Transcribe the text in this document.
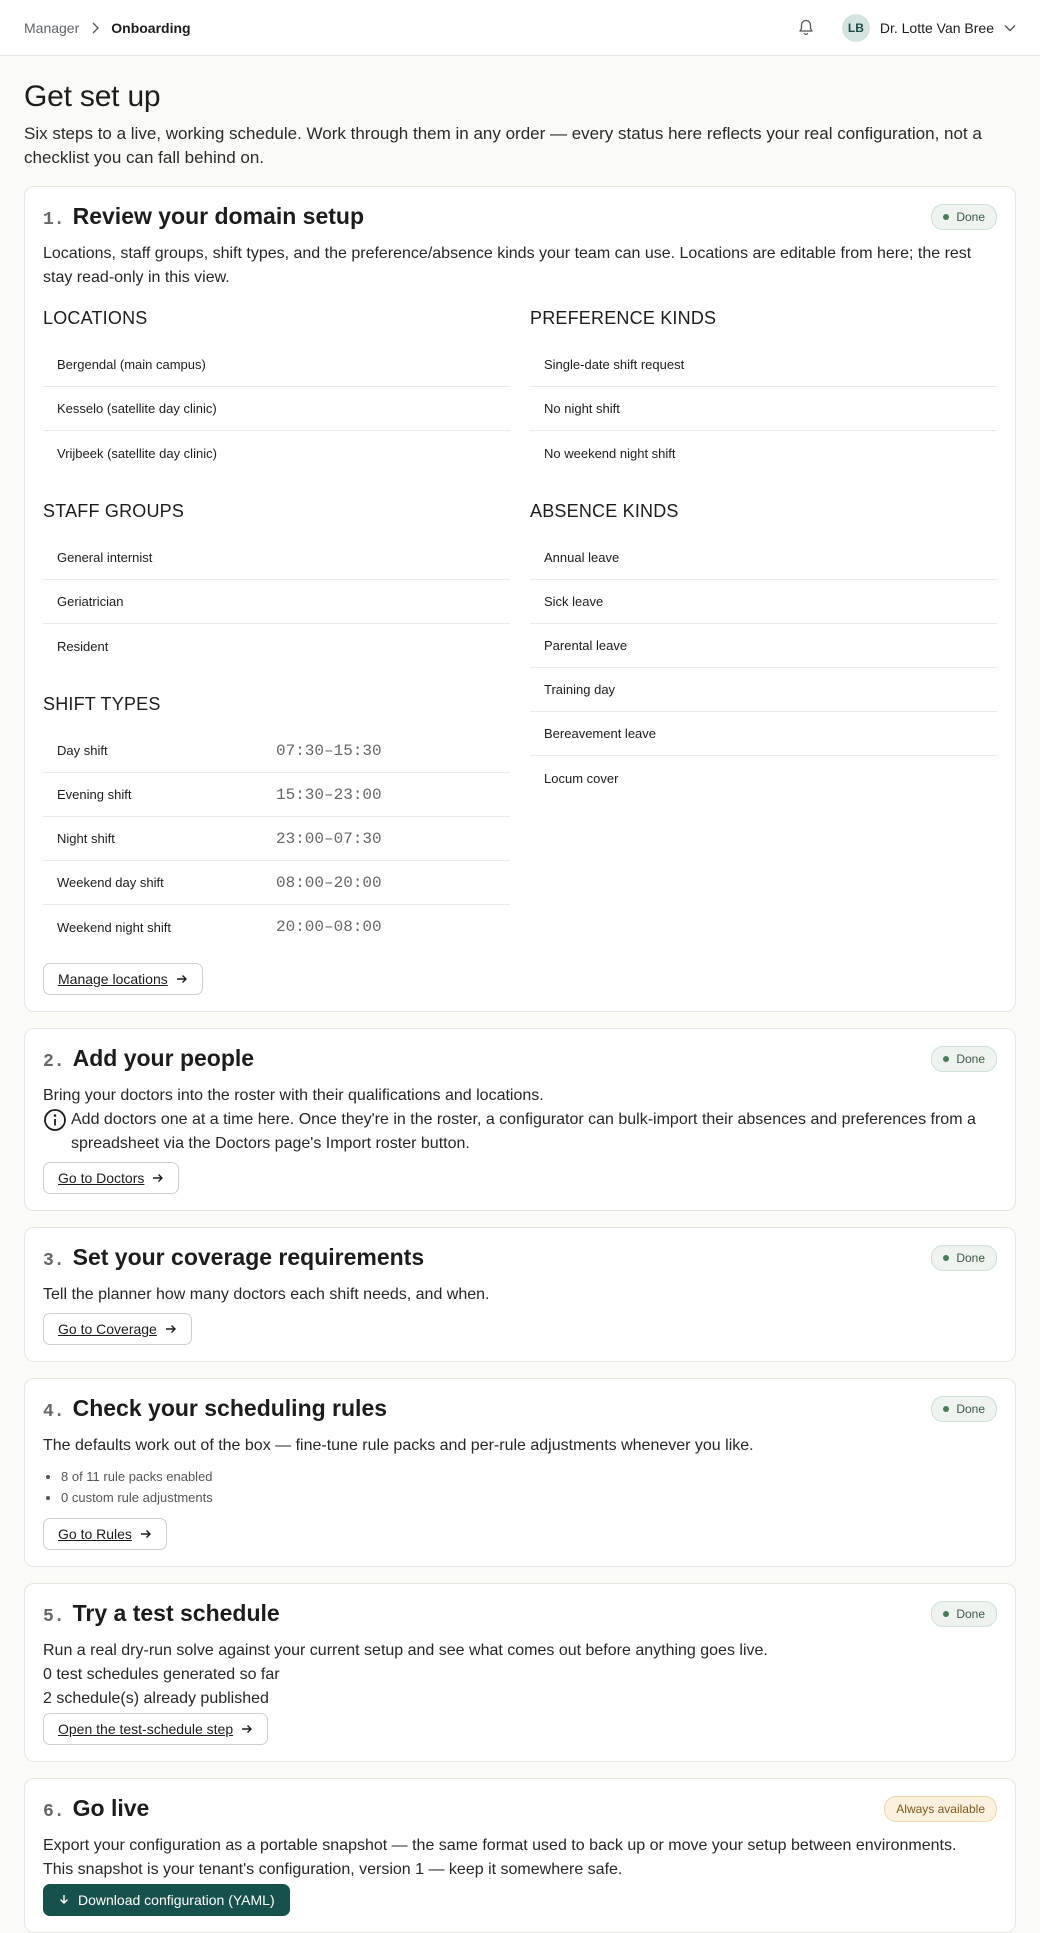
Manager Onboarding	LB	Dr. Lotte Van Bree
Get set up

Six steps to a live, working schedule. Work through them in any order — every status here reflects your real configuration, not a checklist you can fall behind on.

1. Review your domain setup	Done

Locations, staff groups, shift types, and the preference/absence kinds your team can use. Locations are editable from here; the rest stay read-only in this view.

LOCATIONS
Bergendal (main campus)
Kesselo (satellite day clinic)
Vrijbeek (satellite day clinic)
STAFF GROUPS
General internist
Geriatrician
Resident
SHIFT TYPES
Day shift	07:30–15:30
Evening shift	15:30–23:00
Night shift	23:00–07:30
Weekend day shift	08:00–20:00
Weekend night shift	20:00–08:00
PREFERENCE KINDS
Single-date shift request
No night shift
No weekend night shift
ABSENCE KINDS
Annual leave
Sick leave
Parental leave
Training day
Bereavement leave
Locum cover
Manage locations
2. Add your people	Done

Bring your doctors into the roster with their qualifications and locations.

Add doctors one at a time here. Once they're in the roster, a configurator can bulk-import their absences and preferences from a spreadsheet via the Doctors page's Import roster button.

Go to Doctors
3. Set your coverage requirements	Done

Tell the planner how many doctors each shift needs, and when.

Go to Coverage
4. Check your scheduling rules	Done

The defaults work out of the box — fine-tune rule packs and per-rule adjustments whenever you like.

• 8 of 11 rule packs enabled
• 0 custom rule adjustments
Go to Rules
5. Try a test schedule	Done

Run a real dry-run solve against your current setup and see what comes out before anything goes live.

0 test schedules generated so far

2 schedule(s) already published

Open the test-schedule step
6. Go live	Always available

Export your configuration as a portable snapshot — the same format used to back up or move your setup between environments.

This snapshot is your tenant's configuration, version 1 — keep it somewhere safe.

Download configuration (YAML)
